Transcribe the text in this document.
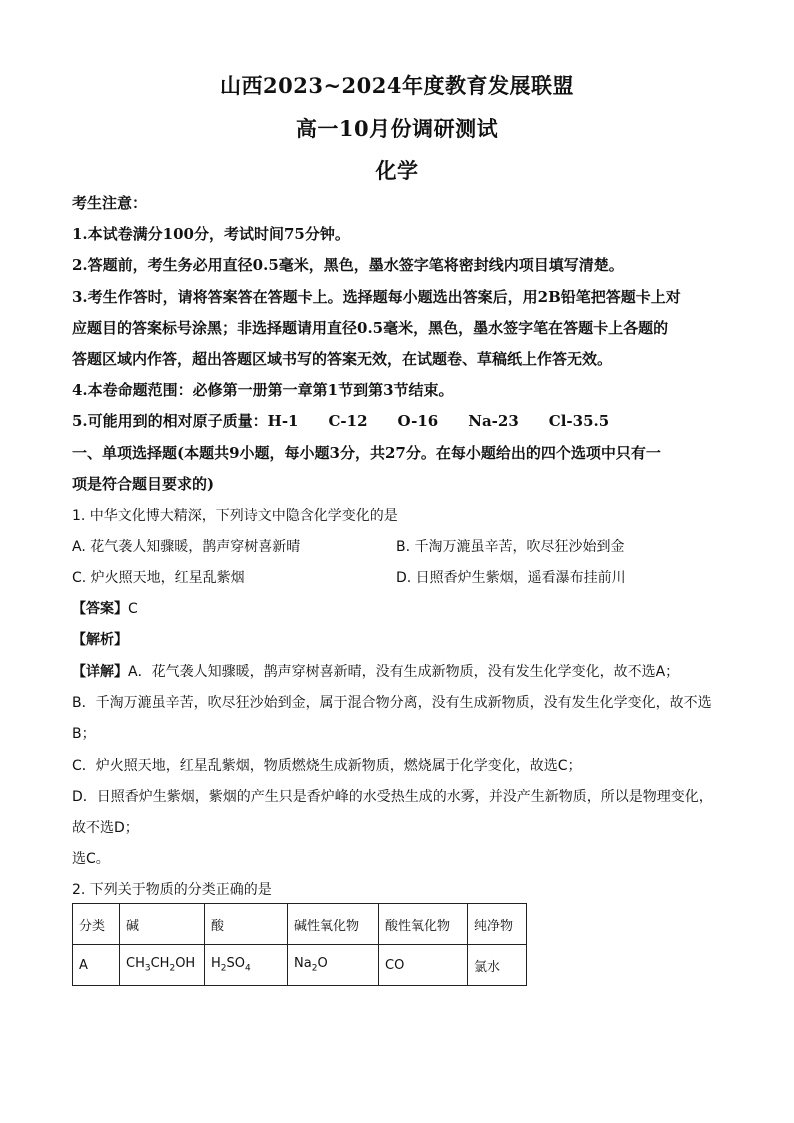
山西2023~2024年度教育发展联盟
高一10月份调研测试
化学
考生注意：
1.本试卷满分100分，考试时间75分钟。
2.答题前，考生务必用直径0.5毫米，黑色，墨水签字笔将密封线内项目填写清楚。
3.考生作答时，请将答案答在答题卡上。选择题每小题选出答案后，用2B铅笔把答题卡上对
应题目的答案标号涂黑；非选择题请用直径0.5毫米，黑色，墨水签字笔在答题卡上各题的
答题区域内作答，超出答题区域书写的答案无效，在试题卷、草稿纸上作答无效。
4.本卷命题范围：必修第一册第一章第1节到第3节结束。
5.可能用到的相对原子质量：H-1　　C-12　　O-16　　Na-23　　Cl-35.5
一、单项选择题(本题共9小题，每小题3分，共27分。在每小题给出的四个选项中只有一
项是符合题目要求的)
1. 中华文化博大精深，下列诗文中隐含化学变化的是
A. 花气袭人知骤暖，鹊声穿树喜新晴	B. 千淘万漉虽辛苦，吹尽狂沙始到金
C. 炉火照天地，红星乱紫烟	D. 日照香炉生紫烟，遥看瀑布挂前川
【答案】C
【解析】
【详解】A．花气袭人知骤暖，鹊声穿树喜新晴，没有生成新物质，没有发生化学变化，故不选A；
B．千淘万漉虽辛苦，吹尽狂沙始到金，属于混合物分离，没有生成新物质，没有发生化学变化，故不选
B；
C．炉火照天地，红星乱紫烟，物质燃烧生成新物质，燃烧属于化学变化，故选C；
D．日照香炉生紫烟，紫烟的产生只是香炉峰的水受热生成的水雾，并没产生新物质，所以是物理变化，
故不选D；
选C。
2. 下列关于物质的分类正确的是
分类	碱	酸	碱性氧化物	酸性氧化物	纯净物
A	$CH_3CH_2OH$	$H_2SO_4$	$Na_2O$	CO	氯水
